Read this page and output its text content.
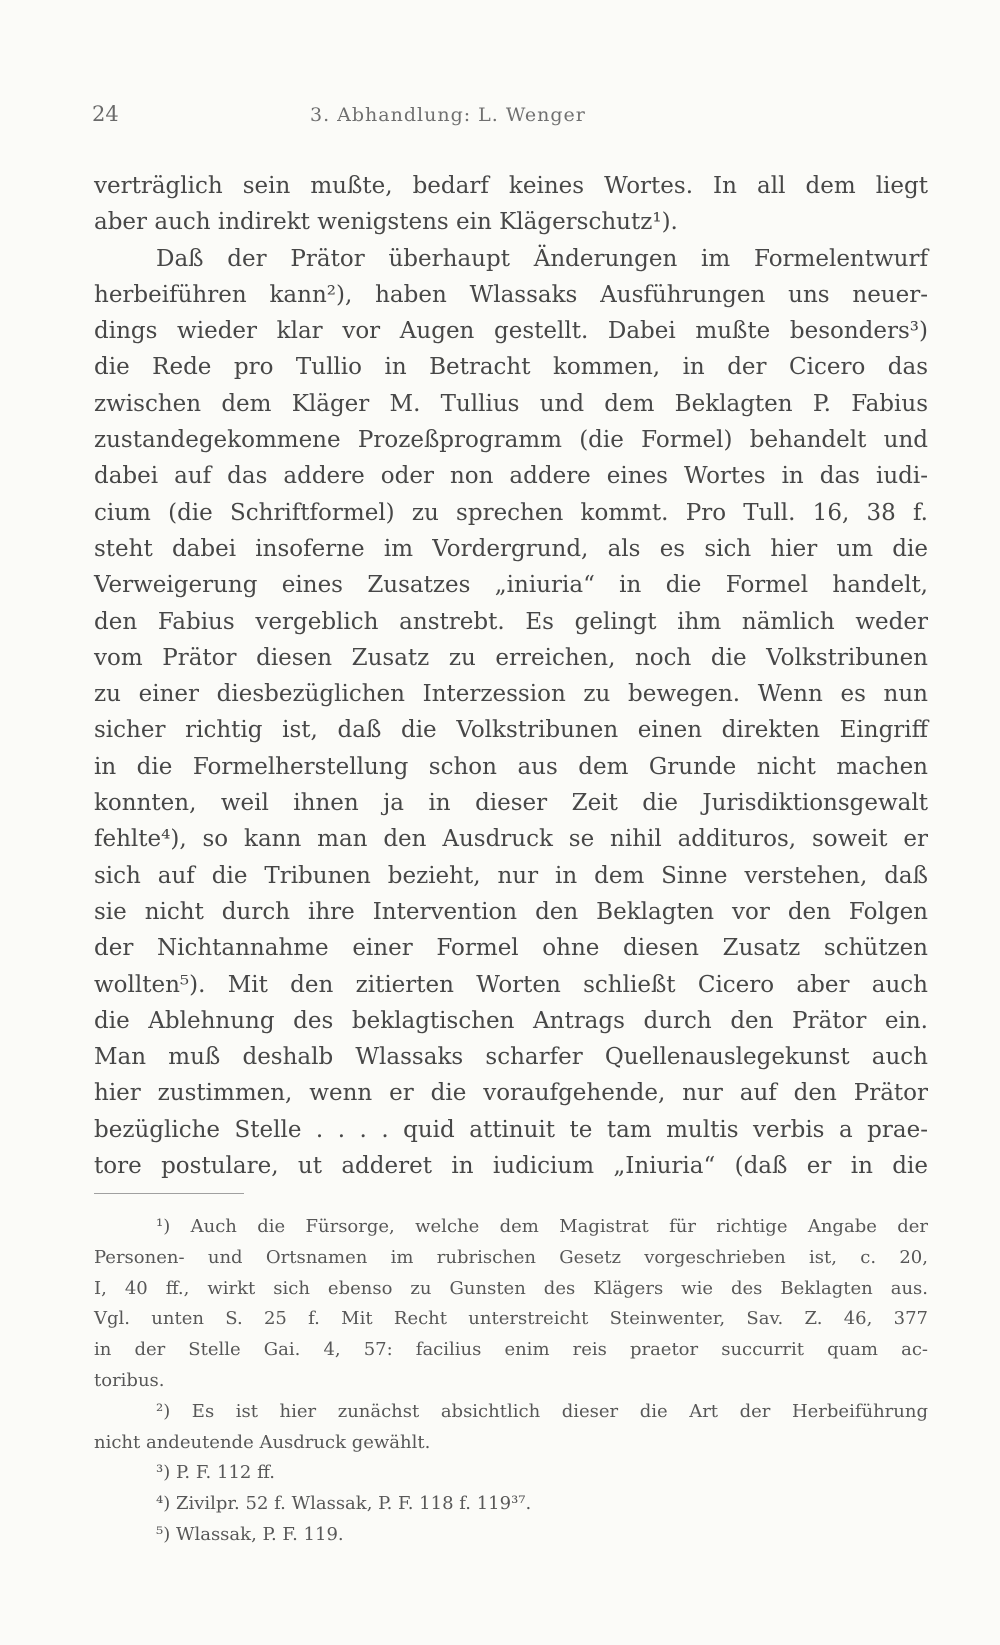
24	3. Abhandlung: L. Wenger
verträglich sein mußte, bedarf keines Wortes. In all dem liegt
aber auch indirekt wenigstens ein Klägerschutz¹).
Daß der Prätor überhaupt Änderungen im Formelentwurf
herbeiführen kann²), haben Wlassaks Ausführungen uns neuer-
dings wieder klar vor Augen gestellt. Dabei mußte besonders³)
die Rede pro Tullio in Betracht kommen, in der Cicero das
zwischen dem Kläger M. Tullius und dem Beklagten P. Fabius
zustandegekommene Prozeßprogramm (die Formel) behandelt und
dabei auf das addere oder non addere eines Wortes in das iudi-
cium (die Schriftformel) zu sprechen kommt. Pro Tull. 16, 38 f.
steht dabei insoferne im Vordergrund, als es sich hier um die
Verweigerung eines Zusatzes „iniuria“ in die Formel handelt,
den Fabius vergeblich anstrebt. Es gelingt ihm nämlich weder
vom Prätor diesen Zusatz zu erreichen, noch die Volkstribunen
zu einer diesbezüglichen Interzession zu bewegen. Wenn es nun
sicher richtig ist, daß die Volkstribunen einen direkten Eingriff
in die Formelherstellung schon aus dem Grunde nicht machen
konnten, weil ihnen ja in dieser Zeit die Jurisdiktionsgewalt
fehlte⁴), so kann man den Ausdruck se nihil addituros, soweit er
sich auf die Tribunen bezieht, nur in dem Sinne verstehen, daß
sie nicht durch ihre Intervention den Beklagten vor den Folgen
der Nichtannahme einer Formel ohne diesen Zusatz schützen
wollten⁵). Mit den zitierten Worten schließt Cicero aber auch
die Ablehnung des beklagtischen Antrags durch den Prätor ein.
Man muß deshalb Wlassaks scharfer Quellenauslegekunst auch
hier zustimmen, wenn er die voraufgehende, nur auf den Prätor
bezügliche Stelle . . . . quid attinuit te tam multis verbis a prae-
tore postulare, ut adderet in iudicium „Iniuria“ (daß er in die
¹) Auch die Fürsorge, welche dem Magistrat für richtige Angabe der
Personen- und Ortsnamen im rubrischen Gesetz vorgeschrieben ist, c. 20,
I, 40 ff., wirkt sich ebenso zu Gunsten des Klägers wie des Beklagten aus.
Vgl. unten S. 25 f. Mit Recht unterstreicht Steinwenter, Sav. Z. 46, 377
in der Stelle Gai. 4, 57: facilius enim reis praetor succurrit quam ac-
toribus.
²) Es ist hier zunächst absichtlich dieser die Art der Herbeiführung
nicht andeutende Ausdruck gewählt.
³) P. F. 112 ff.
⁴) Zivilpr. 52 f. Wlassak, P. F. 118 f. 119³⁷.
⁵) Wlassak, P. F. 119.
